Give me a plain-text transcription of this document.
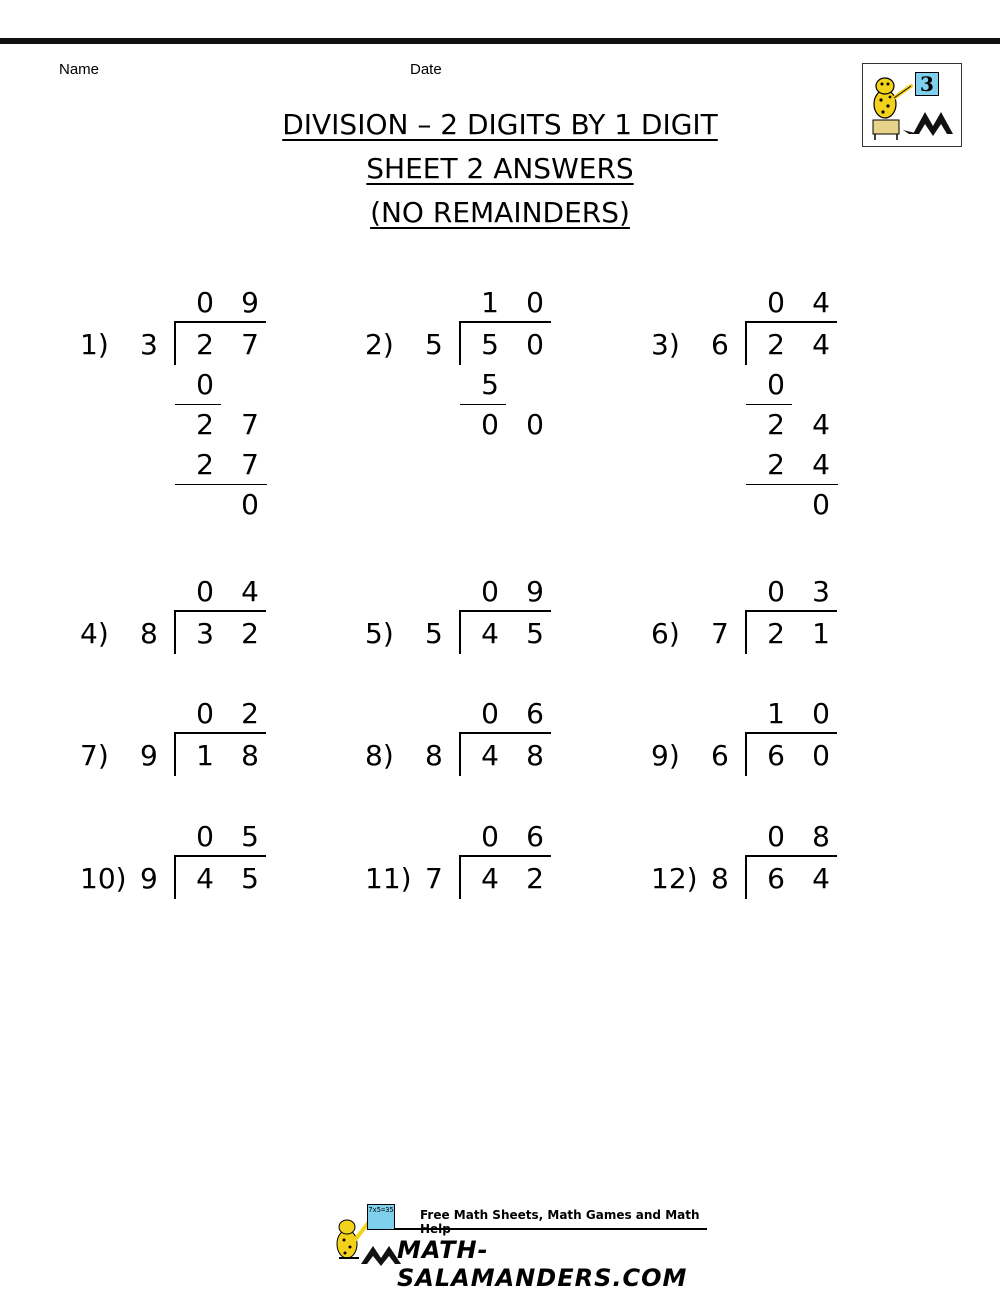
Name	Date
DIVISION – 2 DIGITS BY 1 DIGIT
SHEET 2 ANSWERS
(NO REMAINDERS)
3
0 9
1) 3	2 7
0
2 7
2 7
0
1 0
2) 5	5 0
5
0 0
0 4
3) 6	2 4
0
2 4
2 4
0
0 4
4) 8	3 2
0 9
5) 5	4 5
0 3
6) 7	2 1
0 2
7) 9	1 8
0 6
8) 8	4 8
1 0
9) 6	6 0
0 5
10) 9	4 5
0 6
11) 7	4 2
0 8
12) 8	6 4
7x5=35 Free Math Sheets, Math Games and Math
MATH-SALAMANDERS.COM
